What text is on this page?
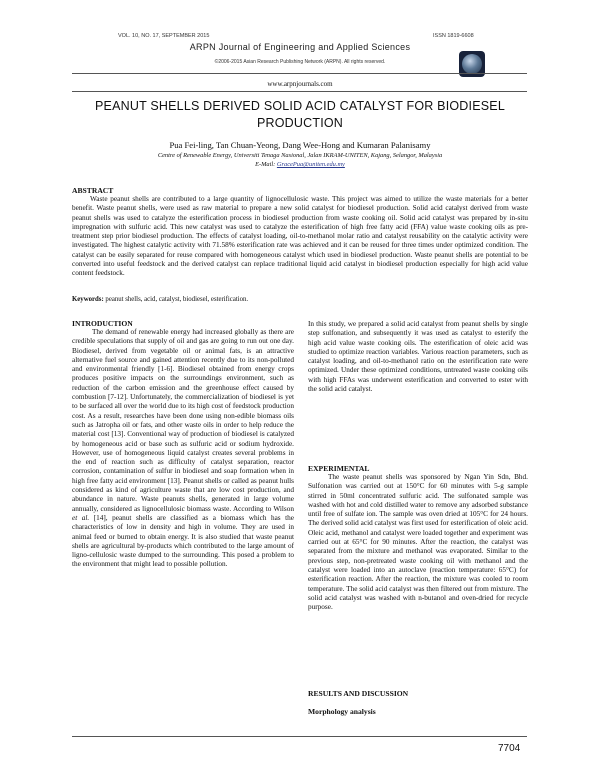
VOL. 10, NO. 17, SEPTEMBER 2015	ISSN 1819-6608
ARPN Journal of Engineering and Applied Sciences
©2006-2015 Asian Research Publishing Network (ARPN). All rights reserved.
www.arpnjournals.com
PEANUT SHELLS DERIVED SOLID ACID CATALYST FOR BIODIESEL
PRODUCTION
Pua Fei-ling, Tan Chuan-Yeong, Dang Wee-Hong and Kumaran Palanisamy
Centre of Renewable Energy, Universiti Tenaga Nasional, Jalan IKRAM-UNITEN, Kajang, Selangor, Malaysia
E-Mail: GracePua@uniten.edu.my
ABSTRACT
Waste peanut shells are contributed to a large quantity of lignocellulosic waste. This project was aimed to utilize the waste materials for a better benefit. Waste peanut shells, were used as raw material to prepare a new solid catalyst for biodiesel production. Solid acid catalyst derived from waste peanut shells was used to catalyze the esterification process in biodiesel production from waste cooking oil. Solid acid catalyst was prepared by in-situ impregnation with sulfuric acid. This new catalyst was used to catalyze the esterification of high free fatty acid (FFA) value waste cooking oils as pre-treatment step prior biodiesel production. The effects of catalyst loading, oil-to-methanol molar ratio and catalyst reusability on the catalytic activity were investigated. The highest catalytic activity with 71.58% esterification rate was achieved and it can be reused for three times under optimized condition. The catalyst can be easily separated for reuse compared with homogeneous catalyst which used in biodiesel production. Waste peanut shells are potential to be converted into useful feedstock and the derived catalyst can replace traditional liquid acid catalyst in biodiesel production especially for high acid value content feedstock.
Keywords: peanut shells, acid, catalyst, biodiesel, esterification.
INTRODUCTION
The demand of renewable energy had increased globally as there are credible speculations that supply of oil and gas are going to run out one day. Biodiesel, derived from vegetable oil or animal fats, is an attractive alternative fuel source and gained attention recently due to its non-polluted and environmental friendly [1-6]. Biodiesel obtained from energy crops produces positive impacts on the surroundings environment, such as reduction of the carbon emission and the greenhouse effect caused by combustion [7-12]. Unfortunately, the commercialization of biodiesel is yet to be surfaced all over the world due to its high cost of feedstock production cost. As a result, researches have been done using non-edible biomass oils such as Jatropha oil or fats, and other waste oils in order to help reduce the material cost [13]. Conventional way of production of biodiesel is catalyzed by homogeneous acid or base such as sulfuric acid or sodium hydroxide. However, use of homogeneous liquid catalyst creates several problems in the end of reaction such as difficulty of catalyst separation, reactor corrosion, contamination of sulfur in biodiesel and soap formation when in high free fatty acid environment [13]. Peanut shells or called as peanut hulls considered as kind of agriculture waste that are low cost production, and abundance in nature. Waste peanuts shells, generated in large volume annually, considered as lignocellulosic biomass waste. According to Wilson et al. [14], peanut shells are classified as a biomass which has the characteristics of low in density and high in volume. They are used in animal feed or burned to obtain energy. It is also studied that waste peanut shells are agricultural by-products which contributed to the large amount of ligno-cellulosic waste dumped to the surrounding. This posed a problem to the environment that might lead to possible pollution.
In this study, we prepared a solid acid catalyst from peanut shells by single step sulfonation, and subsequently it was used as catalyst to esterify the high acid value waste cooking oils. The esterification of oleic acid was studied to optimize reaction variables. Various reaction parameters, such as catalyst loading, and oil-to-methanol ratio on the esterification rate were optimized. Under these optimized conditions, untreated waste cooking oils with high FFAs was underwent esterification and converted to ester with the solid acid catalyst.
EXPERIMENTAL
The waste peanut shells was sponsored by Ngan Yin Sdn, Bhd. Sulfonation was carried out at 150°C for 60 minutes with 5-g sample stirred in 50ml concentrated sulfuric acid. The sulfonated sample was washed with hot and cold distilled water to remove any adsorbed substance until free of sulfate ion. The sample was oven dried at 105°C for 24 hours. The derived solid acid catalyst was first used for esterification of oleic acid. Oleic acid, methanol and catalyst were loaded together and experiment was carried out at 65°C for 90 minutes. After the reaction, the catalyst was separated from the mixture and methanol was evaporated. Similar to the previous step, non-pretreated waste cooking oil with methanol and the catalyst were loaded into an autoclave (reaction temperature: 65°C) for esterification reaction. After the reaction, the mixture was cooled to room temperature. The solid acid catalyst was then filtered out from mixture. The solid acid catalyst was washed with n-butanol and oven-dried for recycle purpose.
RESULTS AND DISCUSSION
Morphology analysis
7704
